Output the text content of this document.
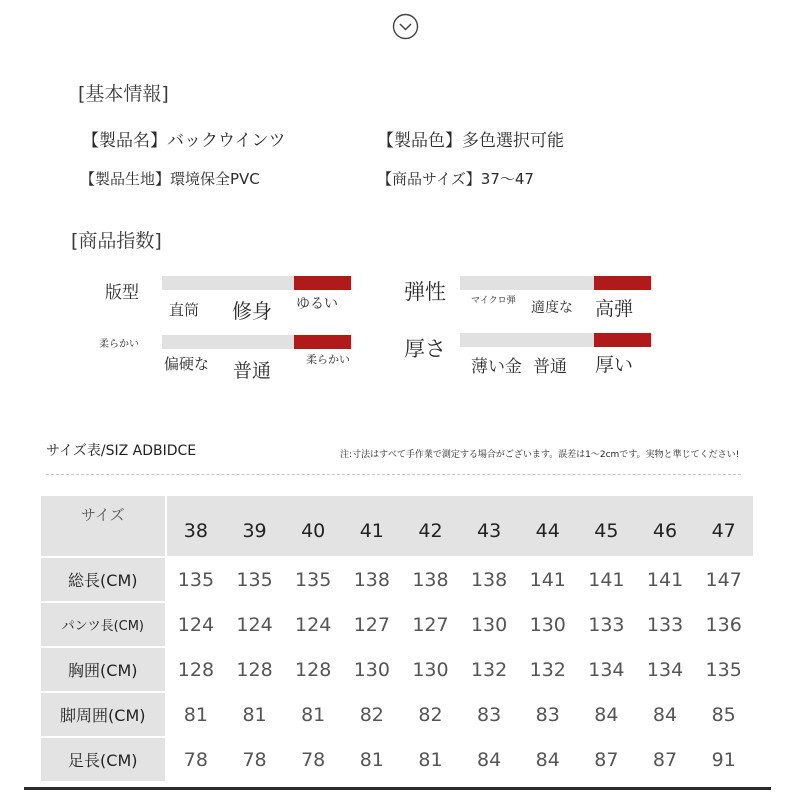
[基本情報]
【製品名】バックウインツ	【製品色】多色選択可能
【製品生地】環境保全PVC	【商品サイズ】37〜47
[商品指数]
版型
直筒 修身 ゆるい	弾性	マイクロ弾 適度な 高弾
柔らかい
偏硬な 普通
柔らかい	厚さ
薄い金 普通 厚い
サイズ表/SIZ ADBIDCE	注:寸法はすべて手作業で測定する場合がございます。誤差は1〜2cmです。実物と準じてください!
サイズ	38	39	40	41	42	43	44	45	46	47
総長(CM)	135	135	135	138	138	138	141	141	141	147
パンツ長(CM)	124	124	124	127	127	130	130	133	133	136
胸囲(CM)	128	128	128	130	130	132	132	134	134	135
脚周囲(CM)	81	81	81	82	82	83	83	84	84	85
足長(CM)	78	78	78	81	81	84	84	87	87	91
